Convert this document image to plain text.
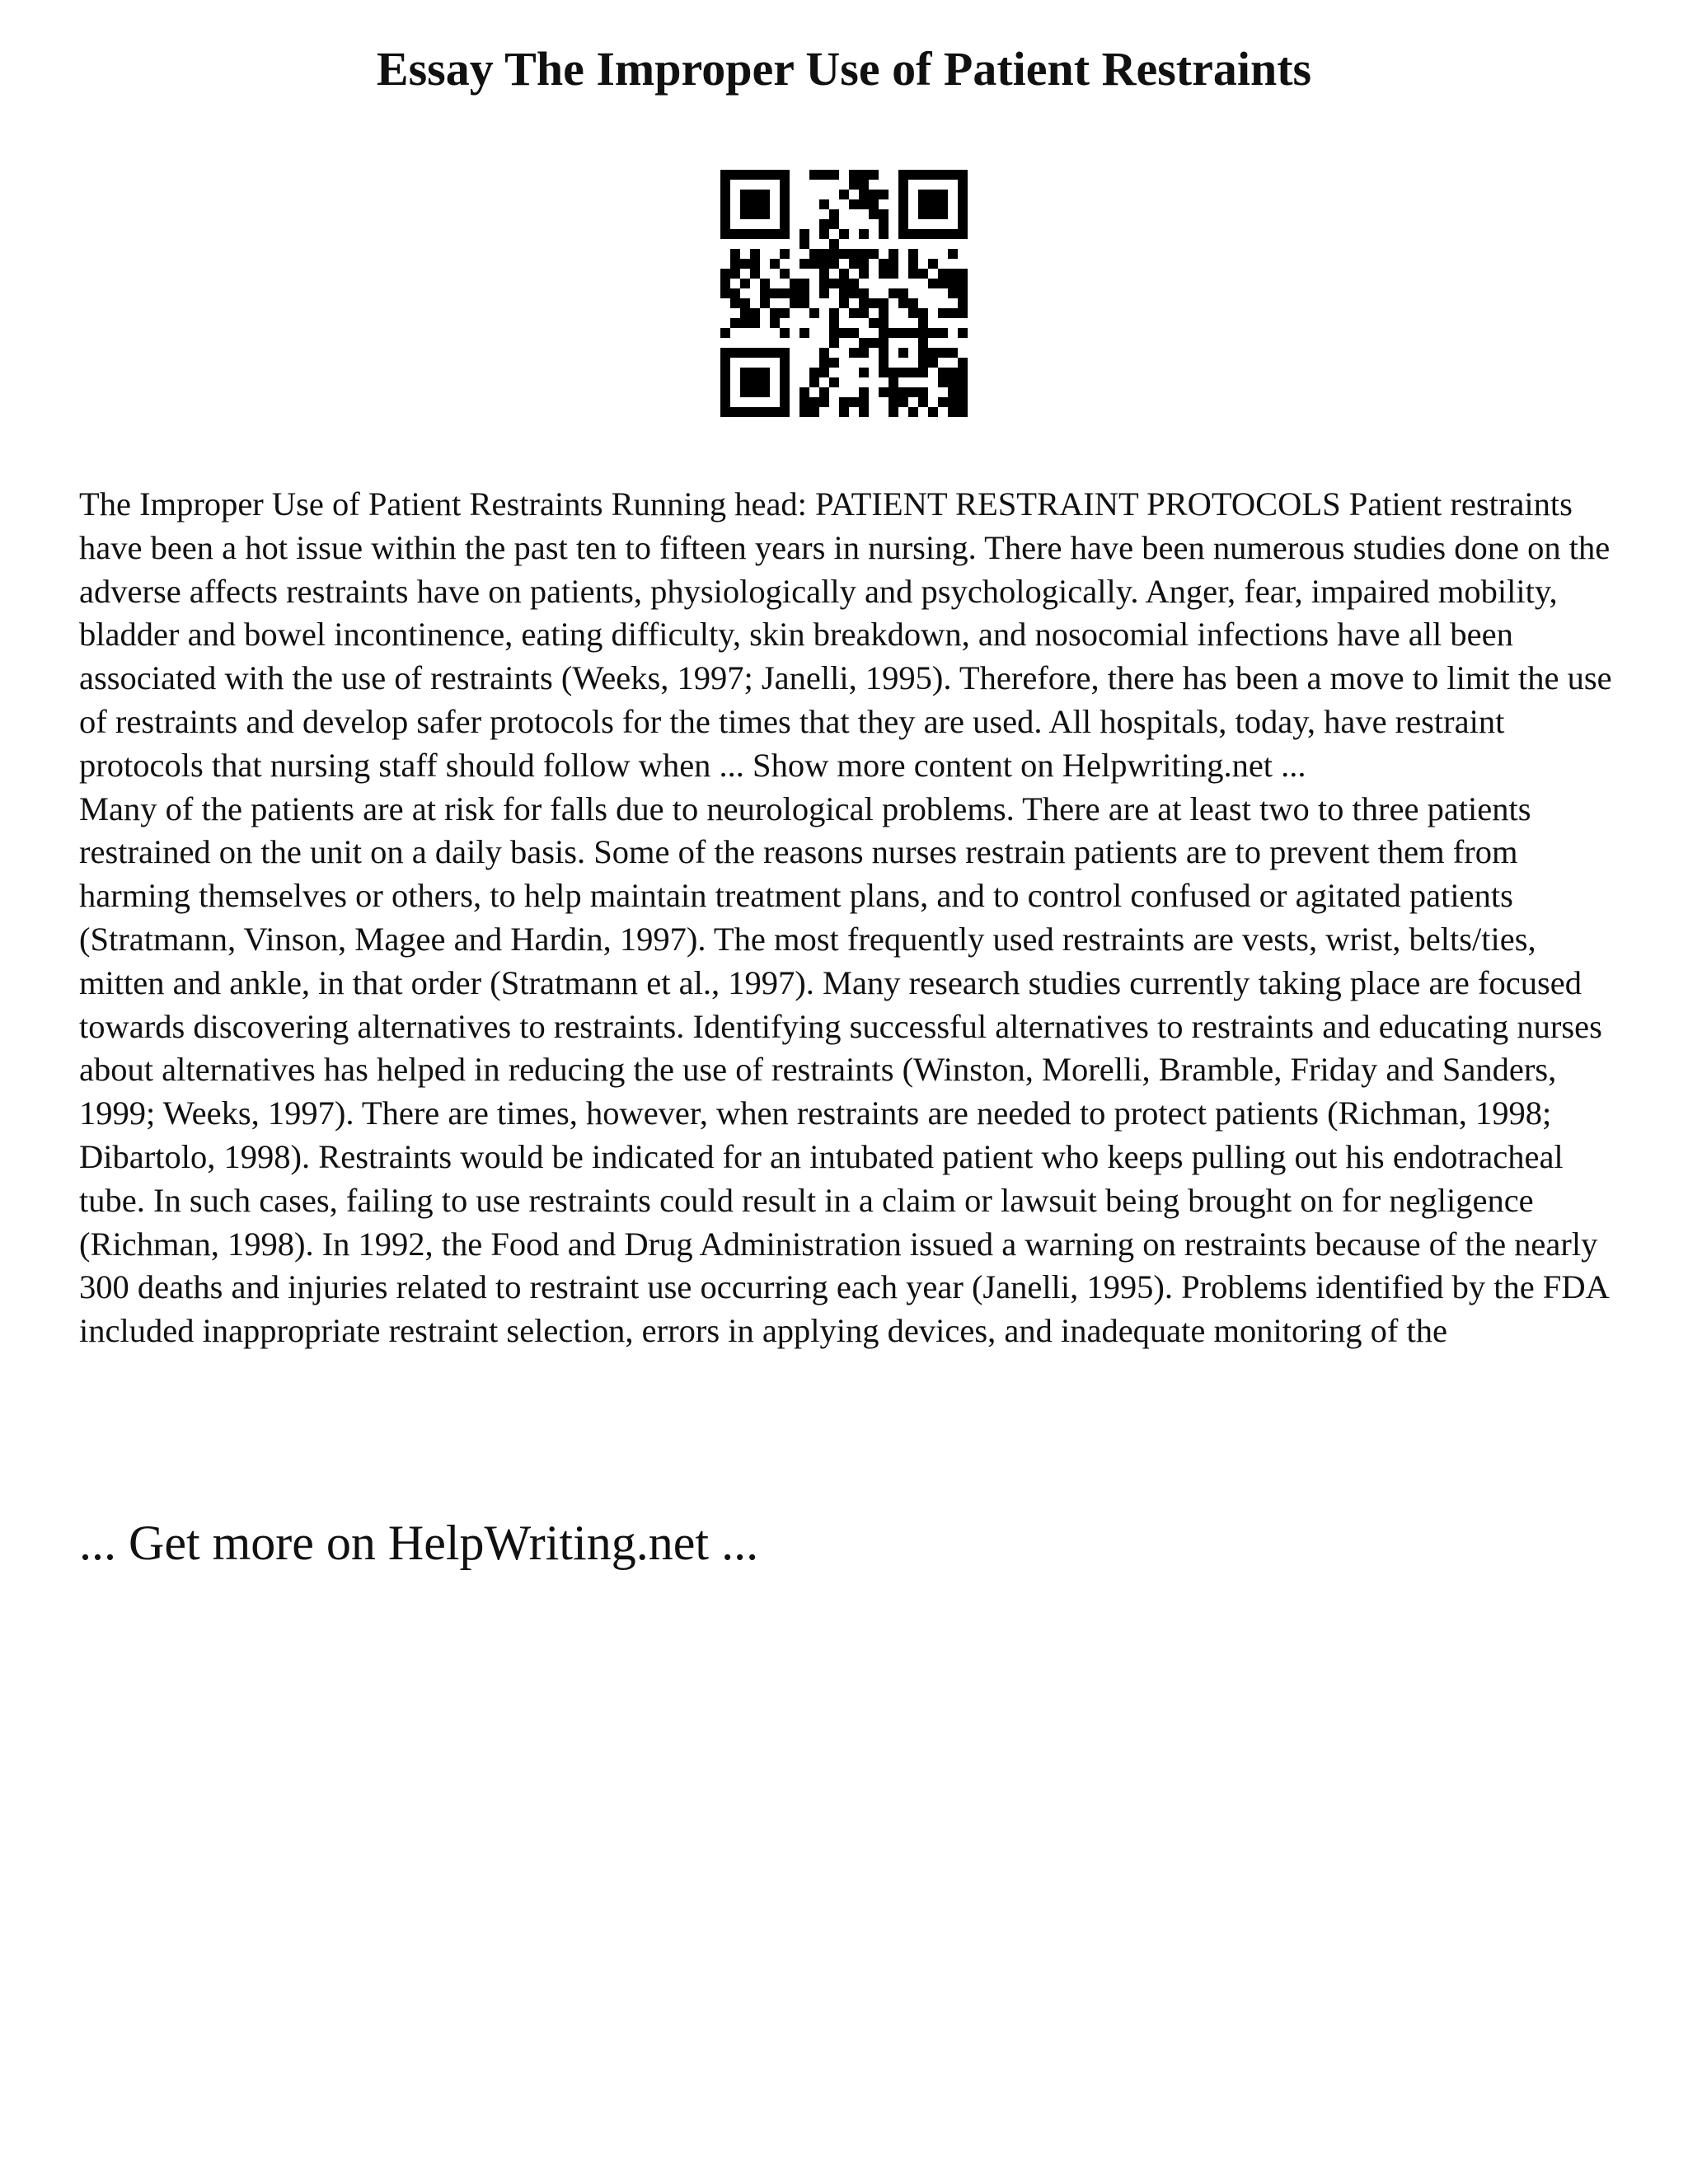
Essay The Improper Use of Patient Restraints

The Improper Use of Patient Restraints Running head: PATIENT RESTRAINT PROTOCOLS Patient restraints have been a hot issue within the past ten to fifteen years in nursing. There have been numerous studies done on the adverse affects restraints have on patients, physiologically and psychologically. Anger, fear, impaired mobility, bladder and bowel incontinence, eating difficulty, skin breakdown, and nosocomial infections have all been associated with the use of restraints (Weeks, 1997; Janelli, 1995). Therefore, there has been a move to limit the use of restraints and develop safer protocols for the times that they are used. All hospitals, today, have restraint protocols that nursing staff should follow when ... Show more content on Helpwriting.net ...

Many of the patients are at risk for falls due to neurological problems. There are at least two to three patients restrained on the unit on a daily basis. Some of the reasons nurses restrain patients are to prevent them from harming themselves or others, to help maintain treatment plans, and to control confused or agitated patients (Stratmann, Vinson, Magee and Hardin, 1997). The most frequently used restraints are vests, wrist, belts/ties, mitten and ankle, in that order (Stratmann et al., 1997). Many research studies currently taking place are focused towards discovering alternatives to restraints. Identifying successful alternatives to restraints and educating nurses about alternatives has helped in reducing the use of restraints (Winston, Morelli, Bramble, Friday and Sanders, 1999; Weeks, 1997). There are times, however, when restraints are needed to protect patients (Richman, 1998; Dibartolo, 1998). Restraints would be indicated for an intubated patient who keeps pulling out his endotracheal tube. In such cases, failing to use restraints could result in a claim or lawsuit being brought on for negligence (Richman, 1998). In 1992, the Food and Drug Administration issued a warning on restraints because of the nearly 300 deaths and injuries related to restraint use occurring each year (Janelli, 1995). Problems identified by the FDA included inappropriate restraint selection, errors in applying devices, and inadequate monitoring of the

... Get more on HelpWriting.net ...
